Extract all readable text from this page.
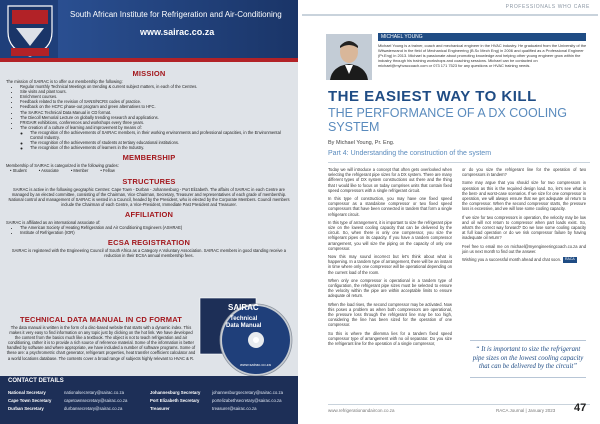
South African Institute for Refrigeration and Air-Conditioning
www.sairac.co.za
MISSION
The mission of SAIRAC is to offer our membership the following:
• Regular monthly Technical Meetings on trending & current subject matters, in each of the Centres.
• Site visits and plant tours.
• Enrichment courses.
• Feedback related to the revision of SANS/NCRS codes of practice.
• Feedback on the HCFC phase-out program and green alternatives to HFC.
• The SAIRAC Technical Data Manual in CD format.
• The Diecoll Memorial Lecture on globally trending research and applications.
• FRIGAIR exhibitions, conferences and workshops every three years.
• The creation of a culture of learning and improvement by means of:
◦ The recognition of the achievements of SAIRAC members, in their working environments and professional capacities, in the Environmental Control Industry.
◦ The recognition of the achievements of students at tertiary educational institutions.
◦ The recognition of the achievements of learners in the Industry.
MEMBERSHIP
Membership of SAIRAC is categorized in the following grades:
• Student	• Associate	• Member	• Fellow
STRUCTURES
SAIRAC is active in the following geographic Centres: Cape Town - Durban - Johannesburg - Port Elizabeth. The affairs of SAIRAC in each Centre are managed by an elected committee, consisting of the Chairman, Vice Chairman, Secretary, Treasurer and representatives of each grade of membership. National control and management of SAIRAC is vested in a Council, headed by the President, who is elected by the Corporate Members. Council members include the Chairman of each Centre, a Vice-President, Immediate Past President and Treasurer.
AFFILIATION
SAIRAC is affiliated as an international associate of:
• The American Society of Heating Refrigeration and Air Conditioning Engineers (ASHRAE)
• Institute of Refrigeration (IOR)
ECSA REGISTRATION
SAIRAC is registered with the Engineering Council of South Africa as a Category A Voluntary Association. SAIRAC members in good standing receive a reduction in their ECSA annual membership fees.
TECHNICAL DATA MANUAL IN CD FORMAT
The data manual is written in the form of a disc-based website that starts with a dynamic index. This makes it very easy to find information on any topic just by clicking on the hot link. We have developed the content from the basics much like a textbook. The object is not to teach refrigeration and air conditioning, rather it is to provide a rich source of reference material. Some of the information is better handled by software and where appropriate, we have included a number of software programs. Some of these are: a psychrometric chart generator, refrigerant properties, heat transfer coefficient calculator and a world locations database. The contents cover a broad range of subjects highly relevant to HVAC & R.
SAIRAC
Technical
Data Manual
www.sairac.co.za
CONTACT DETAILS
National Secretary	nationalsecretary@sairac.co.za
Cape Town Secretary	capetownsecretary@sairac.co.za
Durban Secretary	durbansecretary@sairac.co.za
Johannesburg Secretary	johannesburgsecretary@sairac.co.za
Port Elizabeth Secretary	portelizabethsecretary@sairac.co.za
Treasurer	treasurer@sairac.co.za
PROFESSIONALS WHO CARE
MICHAEL YOUNG
Michael Young is a trainer, coach and mechanical engineer in the HVAC industry. He graduated from the University of the Witwatersrand in the field of Mechanical Engineering (B.Sc Mech Eng) in 2006 and qualified as a Professional Engineer (Pr.Eng) in 2013. Michael is passionate about promoting knowledge and helping other young engineer grow within the industry through his training workshops and coaching sessions. Michael can be contacted on michael@myhvaccoach.com or 073 171 7523 for any questions or HVAC training needs.
THE EASIEST WAY TO KILL
THE PERFORMANCE OF A DX COOLING SYSTEM
By Michael Young, Pr. Eng.
Part 4: Understanding the construction of the system

Today we will introduce a concept that often gets overlooked when selecting the refrigerant pipe sizes for a DX system. There are many different types of DX system constructions out there and the thing that I would like to focus on today comprises units that contain fixed speed compressors with a single refrigerant circuit.

In this type of construction, you may have one fixed speed compressor as a standalone compressor or two fixed speed compressors that have been connected in tandem that form a single refrigerant circuit.

In this type of arrangement, it is important to size the refrigerant pipe size on the lowest cooling capacity that can be delivered by the circuit. So, when there is only one compressor, you size the refrigerant pipes on its capacity. If you have a tandem compressor arrangement, you will size the piping on the capacity of only one compressor.

Now this may sound incorrect but let's think about what is happening. In a tandem type of arrangement, there will be an instant in time where only one compressor will be operational depending on the current load of the room.

When only one compressor is operational in a tandem type of configuration, the refrigerant pipe sizes must be selected to ensure the velocity within the pipe are within acceptable limits to ensure adequate oil return.

When the load rises, the second compressor may be activated. Now this poses a problem as when both compressors are operational, the pressure loss through the refrigerant line may be too high, considering the line has been sized for the operation of one compressor.

So this is where the dilemma lies for a tandem fixed speed compressor type of arrangement with no oil separator. Do you size the refrigerant line for the operation of a single compressor,

or do you size the refrigerant line for the operation of two compressors in tandem?

Some may argue that you should size for two compressors in operation as this is the required design load. So, let's see what is the best- and worst-case scenarios. If we size for one compressor in operation, we will always ensure that we get adequate oil return to the compressor. When the second compressor starts, the pressure loss is excessive, and we will lose some cooling capacity.

If we size for two compressors in operation, the velocity may be low and oil will not return to compressor when part loads exist. So, what's the correct way forward? Do we lose some cooling capacity at full load operation or do we risk compressor failure by having inadequate oil return?

Feel free to email me on michael@myengineeringcoach.co.za and join us next month to find out the answer.

Wishing you a successful month ahead and chat soon. RACA

“ It is important to size the refrigerant pipe sizes on the lowest cooling capacity that can be delivered by the circuit”
www.refrigerationandaircon.co.za	RACA Journal | January 2023 47
